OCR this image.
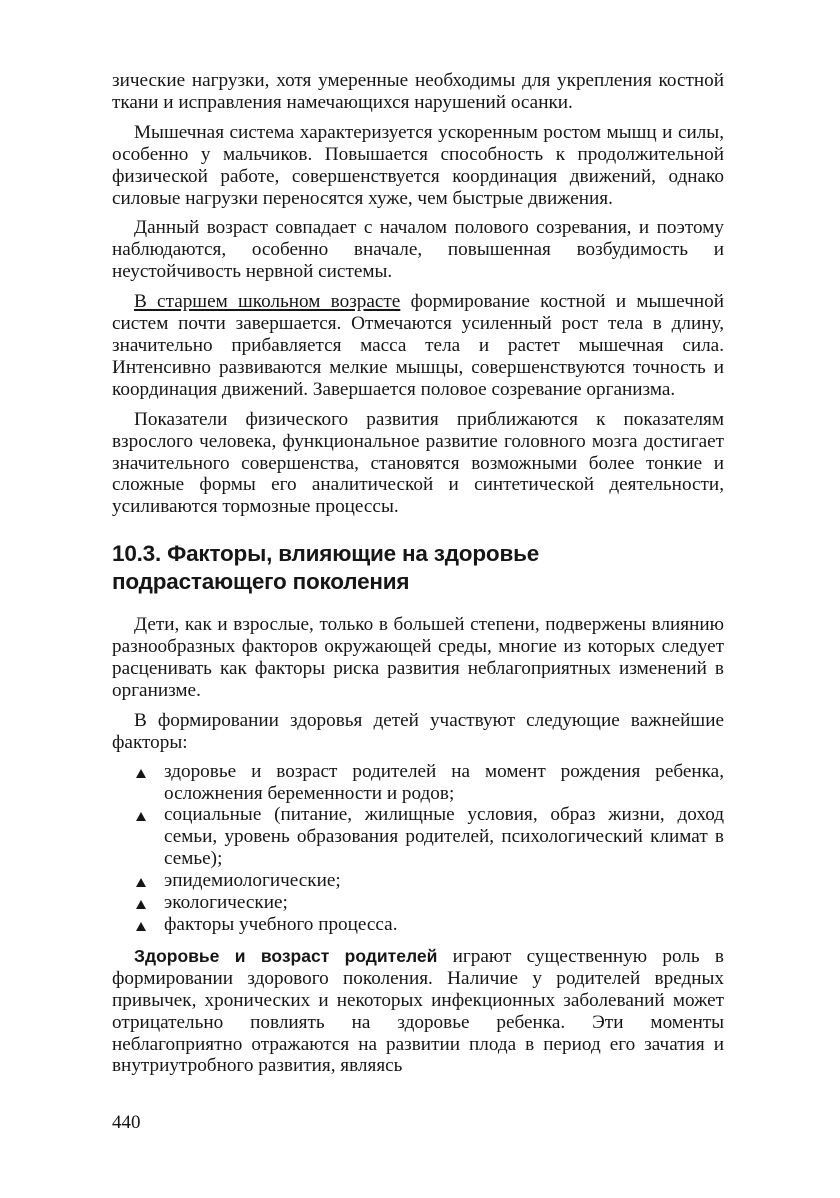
зические нагрузки, хотя умеренные необходимы для укрепления костной ткани и исправления намечающихся нарушений осанки.

Мышечная система характеризуется ускоренным ростом мышц и силы, особенно у мальчиков. Повышается способность к продолжительной физической работе, совершенствуется координация движений, однако силовые нагрузки переносятся хуже, чем быстрые движения.

Данный возраст совпадает с началом полового созревания, и поэтому наблюдаются, особенно вначале, повышенная возбудимость и неустойчивость нервной системы.

В старшем школьном возрасте формирование костной и мышечной систем почти завершается. Отмечаются усиленный рост тела в длину, значительно прибавляется масса тела и растет мышечная сила. Интенсивно развиваются мелкие мышцы, совершенствуются точность и координация движений. Завершается половое созревание организма.

Показатели физического развития приближаются к показателям взрослого человека, функциональное развитие головного мозга достигает значительного совершенства, становятся возможными более тонкие и сложные формы его аналитической и синтетической деятельности, усиливаются тормозные процессы.

10.3. Факторы, влияющие на здоровье
подрастающего поколения

Дети, как и взрослые, только в большей степени, подвержены влиянию разнообразных факторов окружающей среды, многие из которых следует расценивать как факторы риска развития неблагоприятных изменений в организме.

В формировании здоровья детей участвуют следующие важнейшие факторы:

здоровье и возраст родителей на момент рождения ребенка, осложнения беременности и родов;
социальные (питание, жилищные условия, образ жизни, доход семьи, уровень образования родителей, психологический климат в семье);
эпидемиологические;
экологические;
факторы учебного процесса.

Здоровье и возраст родителей играют существенную роль в формировании здорового поколения. Наличие у родителей вредных привычек, хронических и некоторых инфекционных заболеваний может отрицательно повлиять на здоровье ребенка. Эти моменты неблагоприятно отражаются на развитии плода в период его зачатия и внутриутробного развития, являясь

440
